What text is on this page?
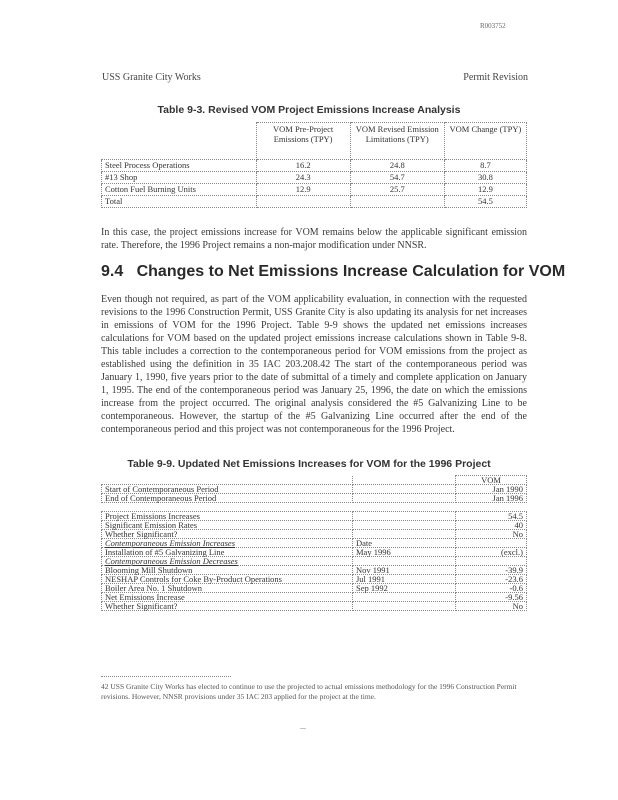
R003752
USS Granite City Works	Permit Revision
Table 9-3. Revised VOM Project Emissions Increase Analysis
	VOM Pre-Project Emissions (TPY)	VOM Revised Emission Limitations (TPY)	VOM Change (TPY)
Steel Process Operations	16.2	24.8	8.7
#13 Shop	24.3	54.7	30.8
Cotton Fuel Burning Units	12.9	25.7	12.9
Total			54.5
In this case, the project emissions increase for VOM remains below the applicable significant emission rate. Therefore, the 1996 Project remains a non-major modification under NNSR.
9.4 Changes to Net Emissions Increase Calculation for VOM
Even though not required, as part of the VOM applicability evaluation, in connection with the requested revisions to the 1996 Construction Permit, USS Granite City is also updating its analysis for net increases in emissions of VOM for the 1996 Project. Table 9-9 shows the updated net emissions increases calculations for VOM based on the updated project emissions increase calculations shown in Table 9-8. This table includes a correction to the contemporaneous period for VOM emissions from the project as established using the definition in 35 IAC 203.208.42 The start of the contemporaneous period was January 1, 1990, five years prior to the date of submittal of a timely and complete application on January 1, 1995. The end of the contemporaneous period was January 25, 1996, the date on which the emissions increase from the project occurred. The original analysis considered the #5 Galvanizing Line to be contemporaneous. However, the startup of the #5 Galvanizing Line occurred after the end of the contemporaneous period and this project was not contemporaneous for the 1996 Project.
Table 9-9. Updated Net Emissions Increases for VOM for the 1996 Project
		VOM
Start of Contemporaneous Period		Jan 1990
End of Contemporaneous Period		Jan 1996

Project Emissions Increases		54.5
Significant Emission Rates		40
Whether Significant?		No
Contemporaneous Emission Increases	Date	
Installation of #5 Galvanizing Line	May 1996	(excl.)
Contemporaneous Emission Decreases		
Blooming Mill Shutdown	Nov 1991	-39.9
NESHAP Controls for Coke By-Product Operations	Jul 1991	-23.6
Boiler Area No. 1 Shutdown	Sep 1992	-0.6
Net Emissions Increase		-9.56
Whether Significant?		No
42 USS Granite City Works has elected to continue to use the projected to actual emissions methodology for the 1996 Construction Permit revisions. However, NNSR provisions under 35 IAC 203 applied for the project at the time.
...
